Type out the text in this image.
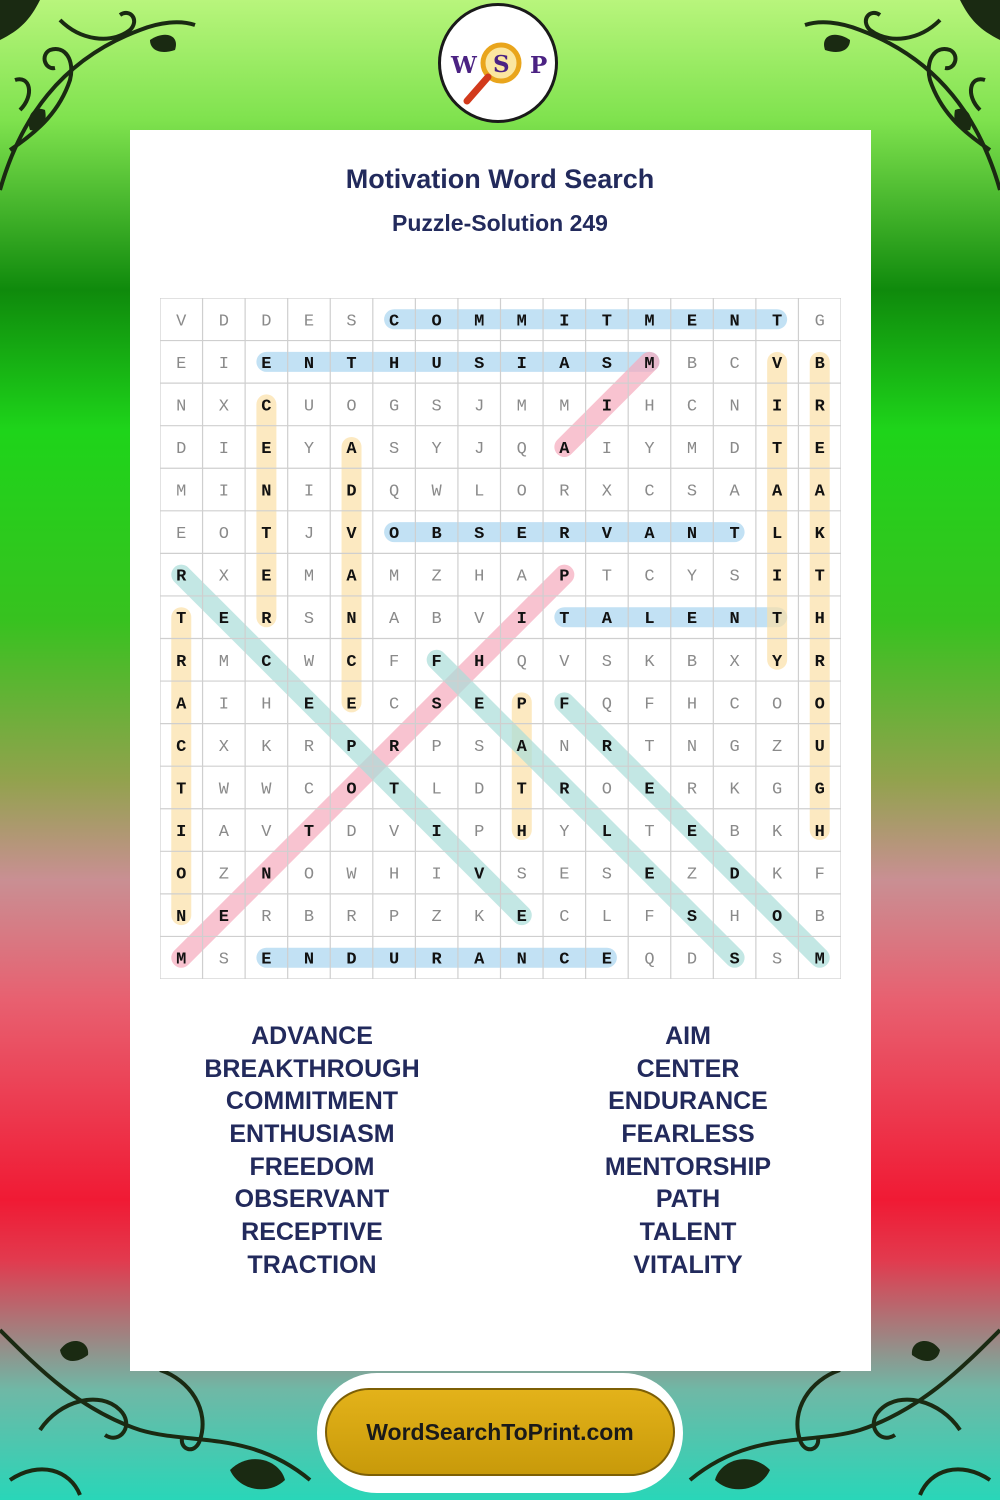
W S P
Motivation Word Search
Puzzle-Solution 249
V D D E S C O M M I T M E N T G
E I E N T H U S I A S M B C V B
N X C U O G S J M M I H C N I R
D I E Y A S Y J Q A I Y M D T E
M I N I D Q W L O R X C S A A A
E O T J V O B S E R V A N T L K
R X E M A M Z H A P T C Y S I T
T E R S N A B V I T A L E N T H
R M C W C F F H Q V S K B X Y R
A I H E E C S E P F Q F H C O O
C X K R P R P S A N R T N G Z U
T W W C O T L D T R O E R K G G
I A V T D V I P H Y L T E B K H
O Z N O W H I V S E S E Z D K F
N E R B R P Z K E C L F S H O B
M S E N D U R A N C E Q D S S M
ADVANCE
BREAKTHROUGH
COMMITMENT
ENTHUSIASM
FREEDOM
OBSERVANT
RECEPTIVE
TRACTION
AIM
CENTER
ENDURANCE
FEARLESS
MENTORSHIP
PATH
TALENT
VITALITY
WordSearchToPrint.com
